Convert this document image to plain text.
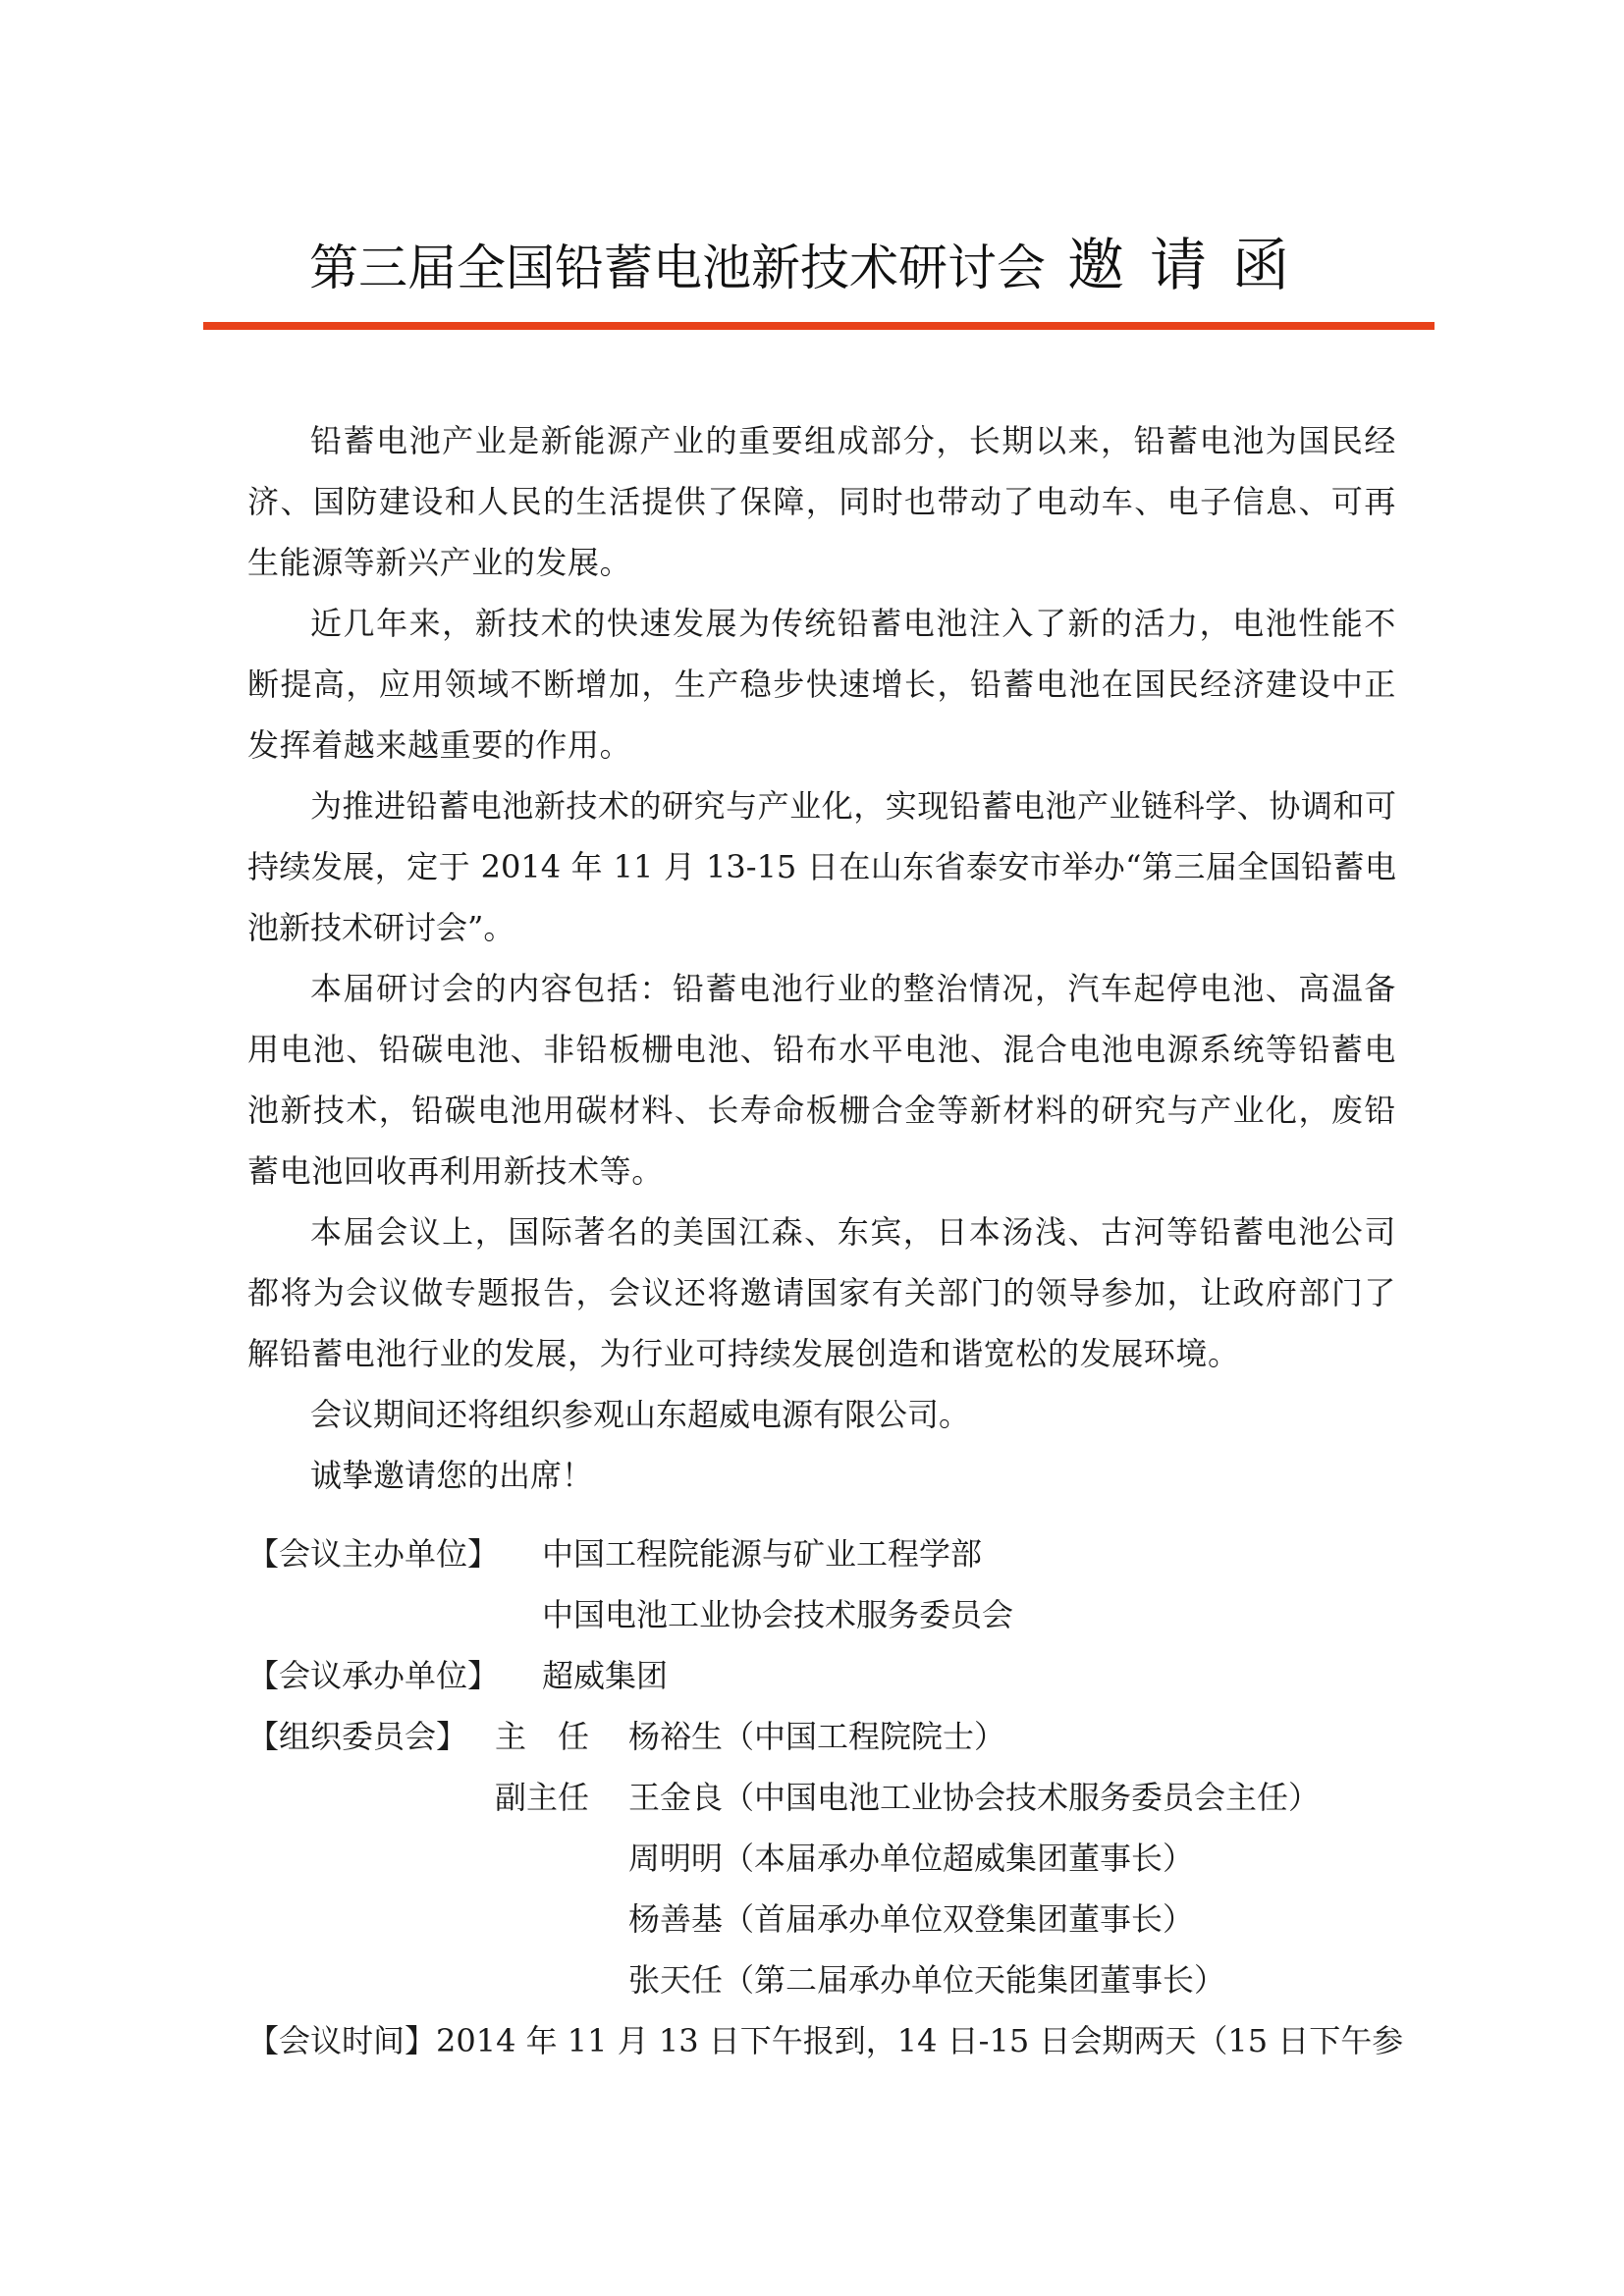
第三届全国铅蓄电池新技术研讨会 邀请函

铅蓄电池产业是新能源产业的重要组成部分，长期以来，铅蓄电池为国民经济、国防建设和人民的生活提供了保障，同时也带动了电动车、电子信息、可再生能源等新兴产业的发展。

近几年来，新技术的快速发展为传统铅蓄电池注入了新的活力，电池性能不断提高，应用领域不断增加，生产稳步快速增长，铅蓄电池在国民经济建设中正发挥着越来越重要的作用。

为推进铅蓄电池新技术的研究与产业化，实现铅蓄电池产业链科学、协调和可持续发展，定于 2014 年 11 月 13-15 日在山东省泰安市举办“第三届全国铅蓄电池新技术研讨会”。

本届研讨会的内容包括：铅蓄电池行业的整治情况，汽车起停电池、高温备用电池、铅碳电池、非铅板栅电池、铅布水平电池、混合电池电源系统等铅蓄电池新技术，铅碳电池用碳材料、长寿命板栅合金等新材料的研究与产业化，废铅蓄电池回收再利用新技术等。

本届会议上，国际著名的美国江森、东宾，日本汤浅、古河等铅蓄电池公司都将为会议做专题报告，会议还将邀请国家有关部门的领导参加，让政府部门了解铅蓄电池行业的发展，为行业可持续发展创造和谐宽松的发展环境。

会议期间还将组织参观山东超威电源有限公司。

诚挚邀请您的出席！

【会议主办单位】	中国工程院能源与矿业工程学部
中国电池工业协会技术服务委员会
【会议承办单位】	超威集团
【组织委员会】 主　任	杨裕生（中国工程院院士）
副主任	王金良（中国电池工业协会技术服务委员会主任）
周明明（本届承办单位超威集团董事长）
杨善基（首届承办单位双登集团董事长）
张天任（第二届承办单位天能集团董事长）
【会议时间】 2014 年 11 月 13 日下午报到，14 日-15 日会期两天（15 日下午参
